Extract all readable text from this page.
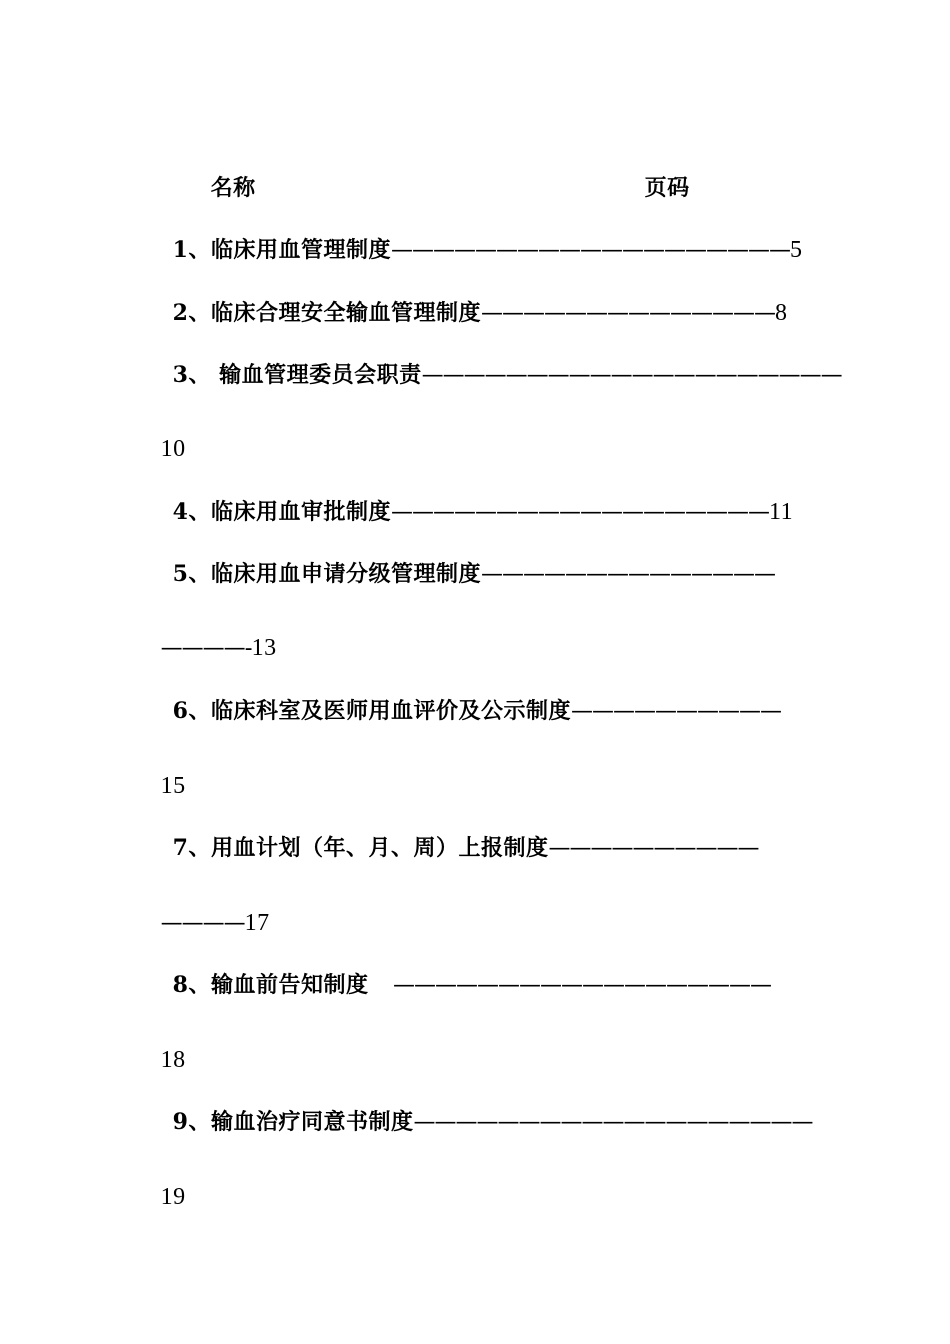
名称
	页码

1、临床用血管理制度———————————————————5

2、临床合理安全输血管理制度——————————————8

3、 输血管理委员会职责————————————————————

10

4、临床用血审批制度——————————————————11

5、临床用血申请分级管理制度——————————————

————-13

6、临床科室及医师用血评价及公示制度——————————

15

7、用血计划（年、月、周）上报制度——————————

————17

8、输血前告知制度 ——————————————————

18

9、输血治疗同意书制度———————————————————

19
